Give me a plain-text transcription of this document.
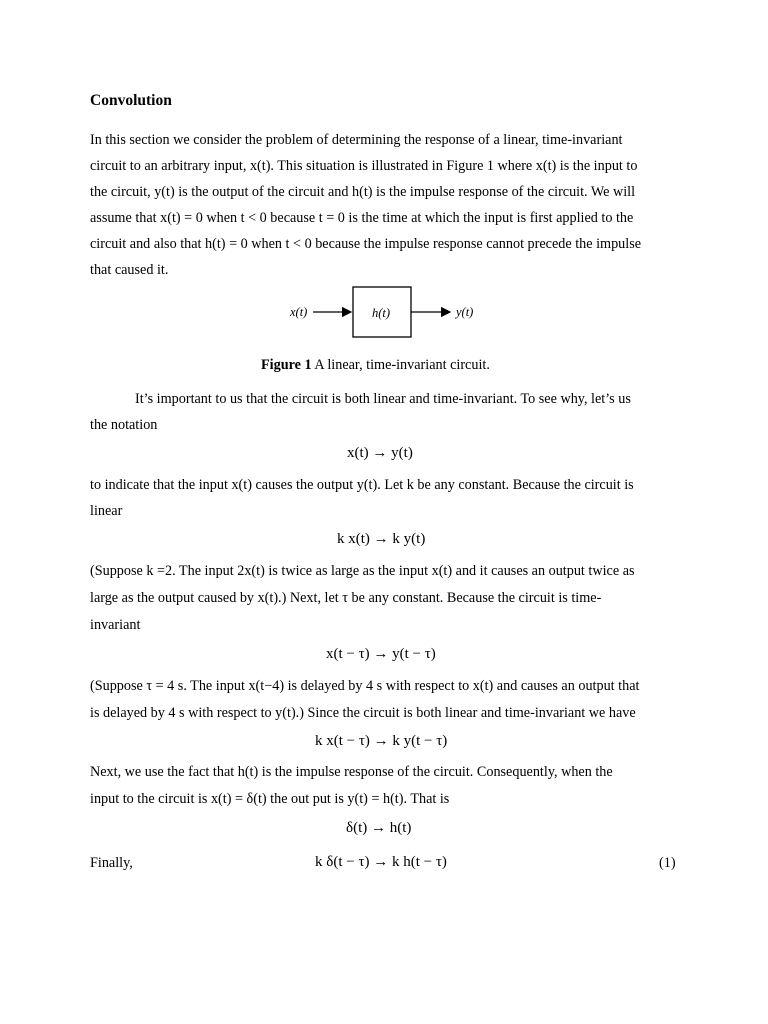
Convolution
In this section we consider the problem of determining the response of a linear, time-invariant
circuit to an arbitrary input, x(t). This situation is illustrated in Figure 1 where x(t) is the input to
the circuit, y(t) is the output of the circuit and h(t) is the impulse response of the circuit. We will
assume that x(t) = 0 when t < 0 because t = 0 is the time at which the input is first applied to the
circuit and also that h(t) = 0 when t < 0 because the impulse response cannot precede the impulse
that caused it.
x(t)	h(t)	y(t)
Figure 1 A linear, time-invariant circuit.
It’s important to us that the circuit is both linear and time-invariant. To see why, let’s us
the notation
x(t) → y(t)
to indicate that the input x(t) causes the output y(t). Let k be any constant. Because the circuit is
linear
k x(t) → k y(t)
(Suppose k =2. The input 2x(t) is twice as large as the input x(t) and it causes an output twice as
large as the output caused by x(t).) Next, let τ be any constant. Because the circuit is time-
invariant
x(t − τ) → y(t − τ)
(Suppose τ = 4 s. The input x(t−4) is delayed by 4 s with respect to x(t) and causes an output that
is delayed by 4 s with respect to y(t).) Since the circuit is both linear and time-invariant we have
k x(t − τ) → k y(t − τ)
Next, we use the fact that h(t) is the impulse response of the circuit. Consequently, when the
input to the circuit is x(t) = δ(t) the out put is y(t) = h(t). That is
δ(t) → h(t)
Finally,	k δ(t − τ) → k h(t − τ)	(1)
